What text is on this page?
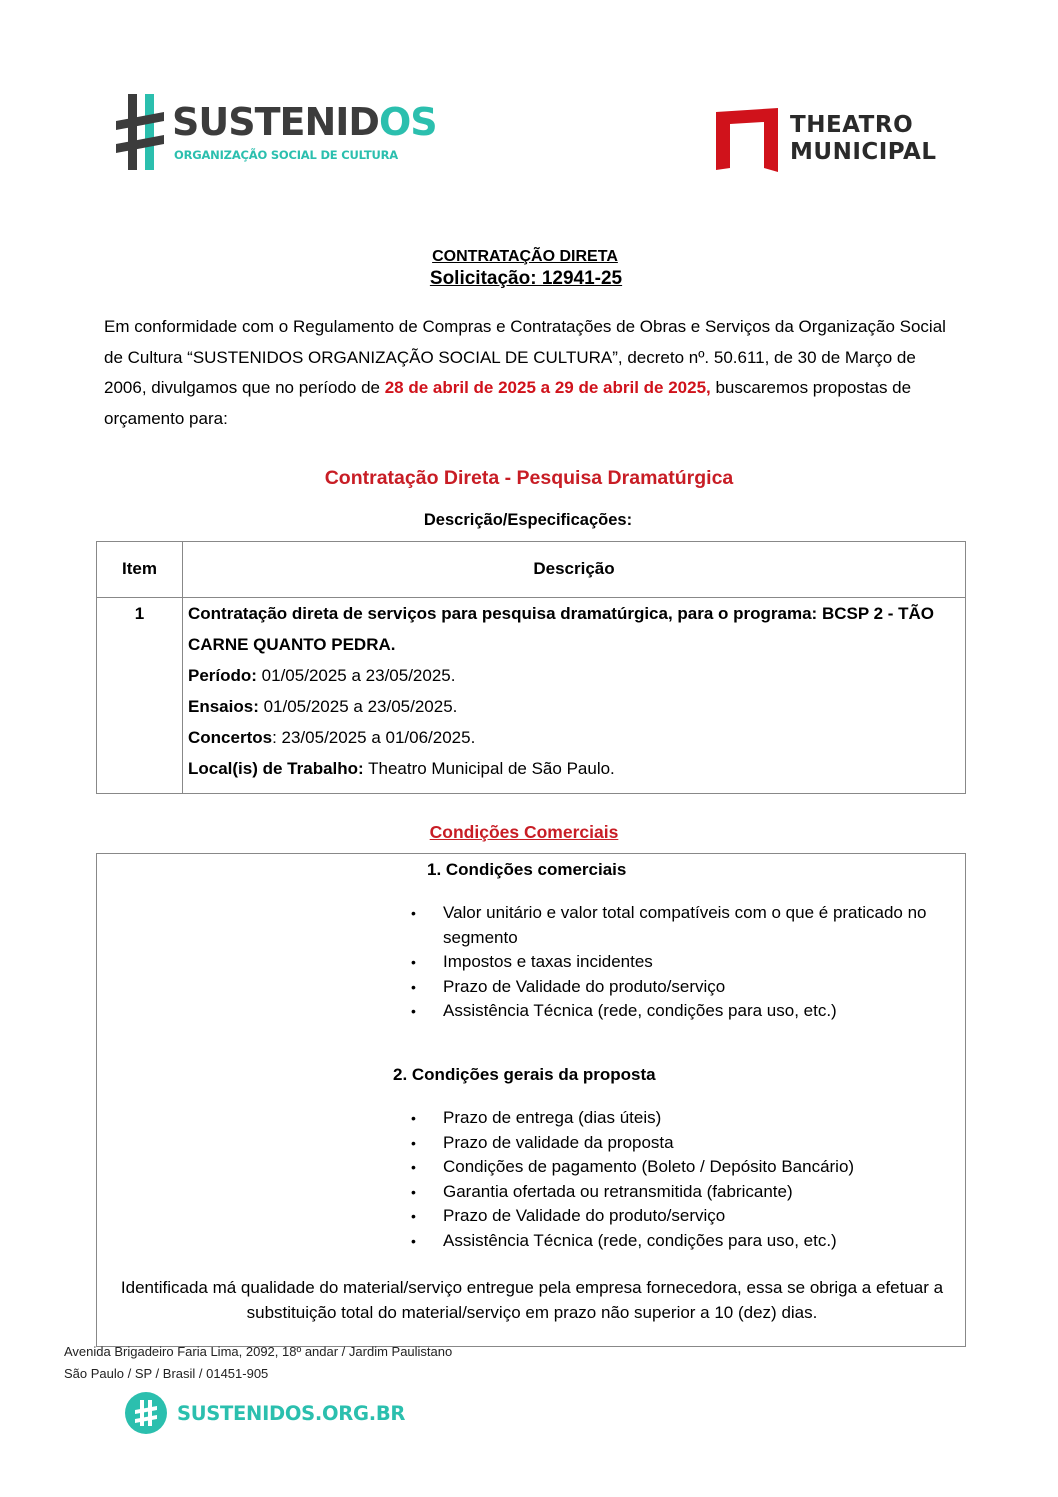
SUSTENIDOS
ORGANIZAÇÃO SOCIAL DE CULTURA
THEATRO
MUNICIPAL
CONTRATAÇÃO DIRETA
Solicitação: 12941-25

Em conformidade com o Regulamento de Compras e Contratações de Obras e Serviços da Organização Social de Cultura “SUSTENIDOS ORGANIZAÇÃO SOCIAL DE CULTURA”, decreto nº. 50.611, de 30 de Março de 2006, divulgamos que no período de 28 de abril de 2025 a 29 de abril de 2025, buscaremos propostas de orçamento para:

Contratação Direta - Pesquisa Dramatúrgica
Descrição/Especificações:
Item	Descrição
1	Contratação direta de serviços para pesquisa dramatúrgica, para o programa: BCSP 2 - TÃO CARNE QUANTO PEDRA.
Período: 01/05/2025 a 23/05/2025.
Ensaios: 01/05/2025 a 23/05/2025.
Concertos: 23/05/2025 a 01/06/2025.
Local(is) de Trabalho: Theatro Municipal de São Paulo.
Condições Comerciais
1. Condições comerciais
• Valor unitário e valor total compatíveis com o que é praticado no segmento
• Impostos e taxas incidentes
• Prazo de Validade do produto/serviço
• Assistência Técnica (rede, condições para uso, etc.)
2. Condições gerais da proposta
• Prazo de entrega (dias úteis)
• Prazo de validade da proposta
• Condições de pagamento (Boleto / Depósito Bancário)
• Garantia ofertada ou retransmitida (fabricante)
• Prazo de Validade do produto/serviço
• Assistência Técnica (rede, condições para uso, etc.)
Identificada má qualidade do material/serviço entregue pela empresa fornecedora, essa se obriga a efetuar a substituição total do material/serviço em prazo não superior a 10 (dez) dias.
Avenida Brigadeiro Faria Lima, 2092, 18º andar / Jardim Paulistano
São Paulo / SP / Brasil / 01451-905
SUSTENIDOS.ORG.BR
